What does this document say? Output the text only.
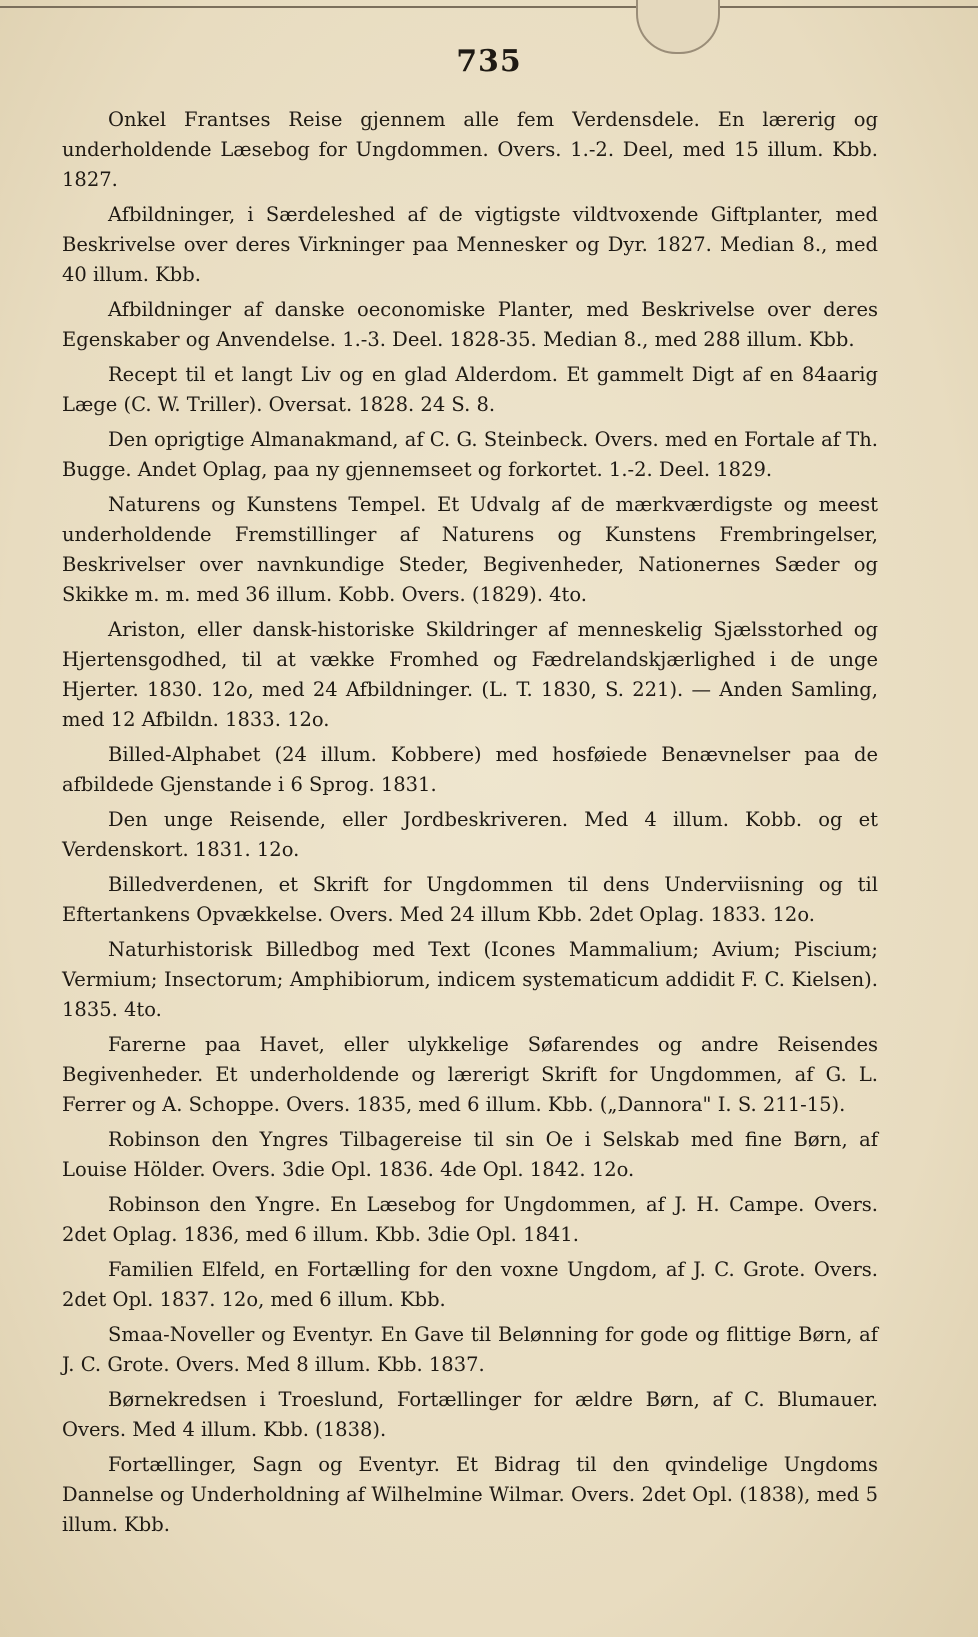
735

Onkel Frantses Reise gjennem alle fem Verdensdele. En lærerig og underholdende Læsebog for Ungdommen. Overs. 1.-2. Deel, med 15 illum. Kbb. 1827.

Afbildninger, i Særdeleshed af de vigtigste vildtvoxende Giftplanter, med Beskrivelse over deres Virkninger paa Mennesker og Dyr. 1827. Median 8., med 40 illum. Kbb.

Afbildninger af danske oeconomiske Planter, med Beskrivelse over deres Egenskaber og Anvendelse. 1.-3. Deel. 1828-35. Median 8., med 288 illum. Kbb.

Recept til et langt Liv og en glad Alderdom. Et gammelt Digt af en 84aarig Læge (C. W. Triller). Oversat. 1828. 24 S. 8.

Den oprigtige Almanakmand, af C. G. Steinbeck. Overs. med en Fortale af Th. Bugge. Andet Oplag, paa ny gjennemseet og forkortet. 1.-2. Deel. 1829.

Naturens og Kunstens Tempel. Et Udvalg af de mærkværdigste og meest underholdende Fremstillinger af Naturens og Kunstens Frembringelser, Beskrivelser over navnkundige Steder, Begivenheder, Nationernes Sæder og Skikke m. m. med 36 illum. Kobb. Overs. (1829). 4to.

Ariston, eller dansk-historiske Skildringer af menneskelig Sjælsstorhed og Hjertensgodhed, til at vække Fromhed og Fædrelandskjærlighed i de unge Hjerter. 1830. 12o, med 24 Afbildninger. (L. T. 1830, S. 221). — Anden Samling, med 12 Afbildn. 1833. 12o.

Billed-Alphabet (24 illum. Kobbere) med hosføiede Benævnelser paa de afbildede Gjenstande i 6 Sprog. 1831.

Den unge Reisende, eller Jordbeskriveren. Med 4 illum. Kobb. og et Verdenskort. 1831. 12o.

Billedverdenen, et Skrift for Ungdommen til dens Underviisning og til Eftertankens Opvækkelse. Overs. Med 24 illum Kbb. 2det Oplag. 1833. 12o.

Naturhistorisk Billedbog med Text (Icones Mammalium; Avium; Piscium; Vermium; Insectorum; Amphibiorum, indicem systematicum addidit F. C. Kielsen). 1835. 4to.

Farerne paa Havet, eller ulykkelige Søfarendes og andre Reisendes Begivenheder. Et underholdende og lærerigt Skrift for Ungdommen, af G. L. Ferrer og A. Schoppe. Overs. 1835, med 6 illum. Kbb. („Dannora" I. S. 211-15).

Robinson den Yngres Tilbagereise til sin Oe i Selskab med fine Børn, af Louise Hölder. Overs. 3die Opl. 1836. 4de Opl. 1842. 12o.

Robinson den Yngre. En Læsebog for Ungdommen, af J. H. Campe. Overs. 2det Oplag. 1836, med 6 illum. Kbb. 3die Opl. 1841.

Familien Elfeld, en Fortælling for den voxne Ungdom, af J. C. Grote. Overs. 2det Opl. 1837. 12o, med 6 illum. Kbb.

Smaa-Noveller og Eventyr. En Gave til Belønning for gode og flittige Børn, af J. C. Grote. Overs. Med 8 illum. Kbb. 1837.

Børnekredsen i Troeslund, Fortællinger for ældre Børn, af C. Blumauer. Overs. Med 4 illum. Kbb. (1838).

Fortællinger, Sagn og Eventyr. Et Bidrag til den qvindelige Ungdoms Dannelse og Underholdning af Wilhelmine Wilmar. Overs. 2det Opl. (1838), med 5 illum. Kbb.
